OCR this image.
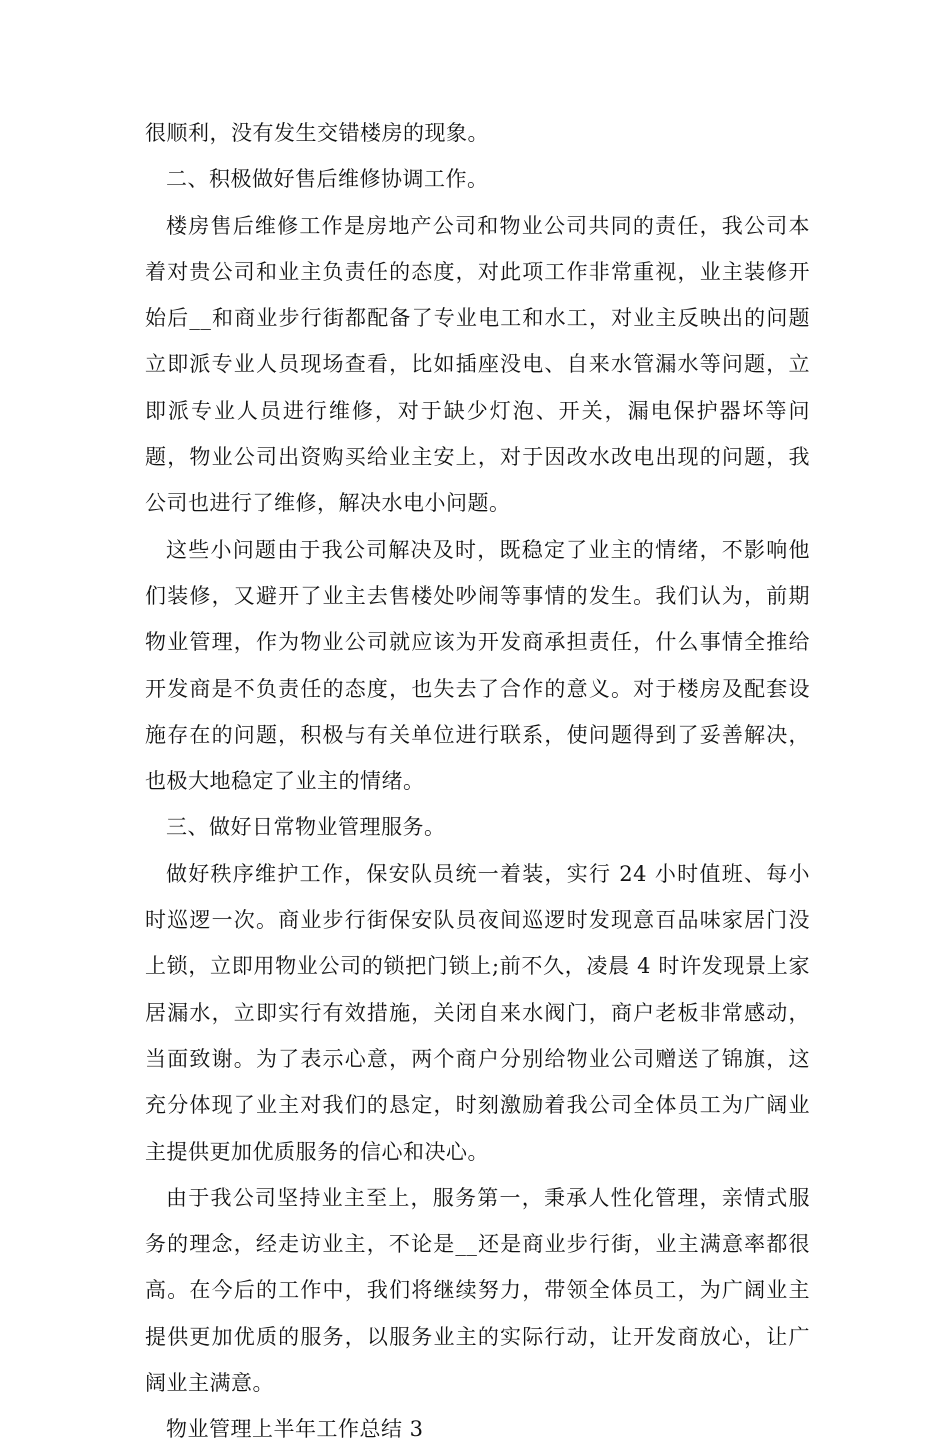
很顺利，没有发生交错楼房的现象。

二、积极做好售后维修协调工作。

楼房售后维修工作是房地产公司和物业公司共同的责任，我公司本着对贵公司和业主负责任的态度，对此项工作非常重视，业主装修开始后__和商业步行街都配备了专业电工和水工，对业主反映出的问题立即派专业人员现场查看，比如插座没电、自来水管漏水等问题，立即派专业人员进行维修，对于缺少灯泡、开关，漏电保护器坏等问题，物业公司出资购买给业主安上，对于因改水改电出现的问题，我公司也进行了维修，解决水电小问题。

这些小问题由于我公司解决及时，既稳定了业主的情绪，不影响他们装修，又避开了业主去售楼处吵闹等事情的发生。我们认为，前期物业管理，作为物业公司就应该为开发商承担责任，什么事情全推给开发商是不负责任的态度，也失去了合作的意义。对于楼房及配套设施存在的问题，积极与有关单位进行联系，使问题得到了妥善解决，也极大地稳定了业主的情绪。

三、做好日常物业管理服务。

做好秩序维护工作，保安队员统一着装，实行 24 小时值班、每小时巡逻一次。商业步行街保安队员夜间巡逻时发现意百品味家居门没上锁，立即用物业公司的锁把门锁上;前不久，凌晨 4 时许发现景上家居漏水，立即实行有效措施，关闭自来水阀门，商户老板非常感动，当面致谢。为了表示心意，两个商户分别给物业公司赠送了锦旗，这充分体现了业主对我们的恳定，时刻激励着我公司全体员工为广阔业主提供更加优质服务的信心和决心。

由于我公司坚持业主至上，服务第一，秉承人性化管理，亲情式服务的理念，经走访业主，不论是__还是商业步行街，业主满意率都很高。在今后的工作中，我们将继续努力，带领全体员工，为广阔业主提供更加优质的服务，以服务业主的实际行动，让开发商放心，让广阔业主满意。

物业管理上半年工作总结 3
